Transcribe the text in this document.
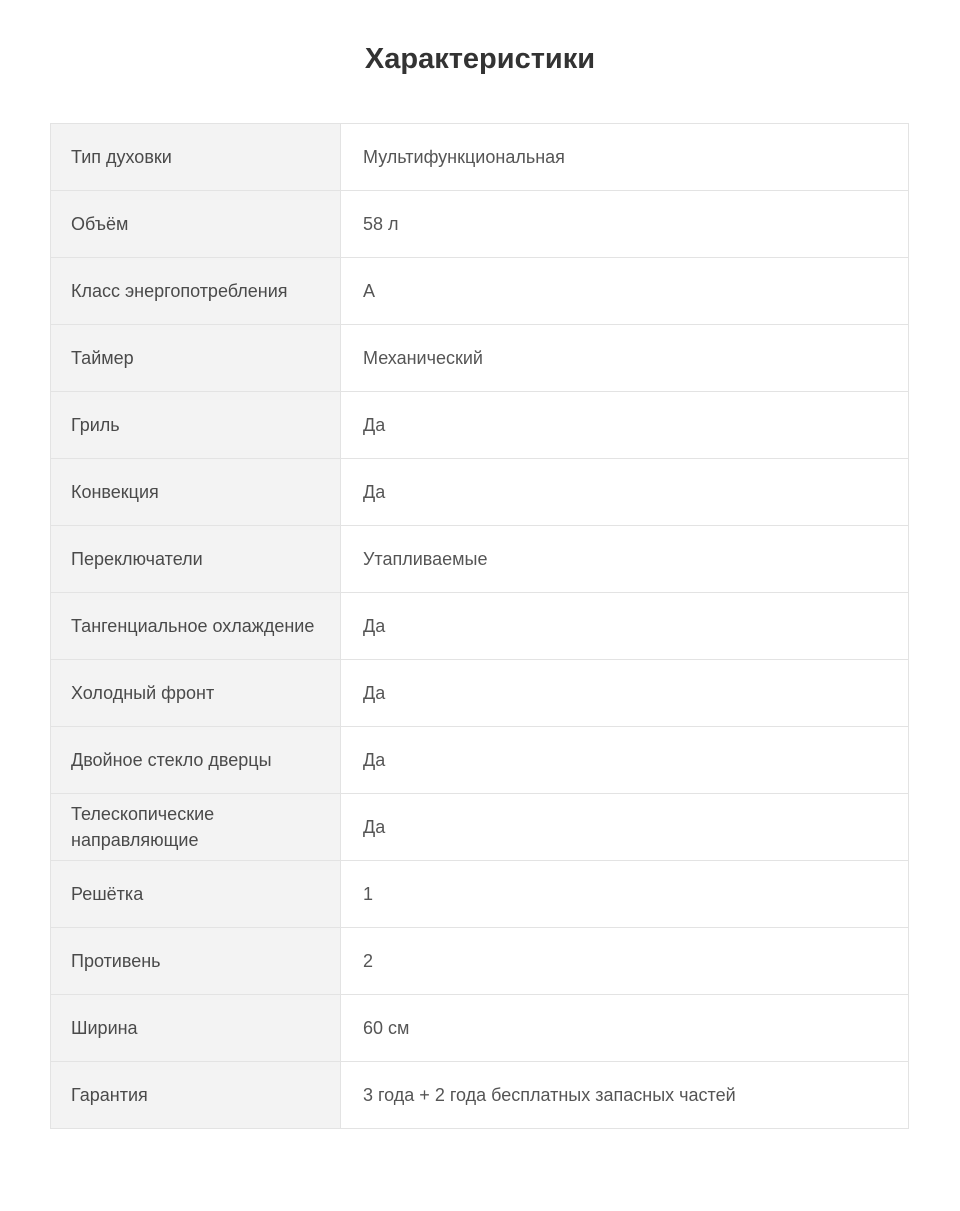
Характеристики
Тип духовки	Мультифункциональная
Объём	58 л
Класс энергопотребления	A
Таймер	Механический
Гриль	Да
Конвекция	Да
Переключатели	Утапливаемые
Тангенциальное охлаждение	Да
Холодный фронт	Да
Двойное стекло дверцы	Да
Телескопические направляющие	Да
Решётка	1
Противень	2
Ширина	60 см
Гарантия	3 года + 2 года бесплатных запасных частей
